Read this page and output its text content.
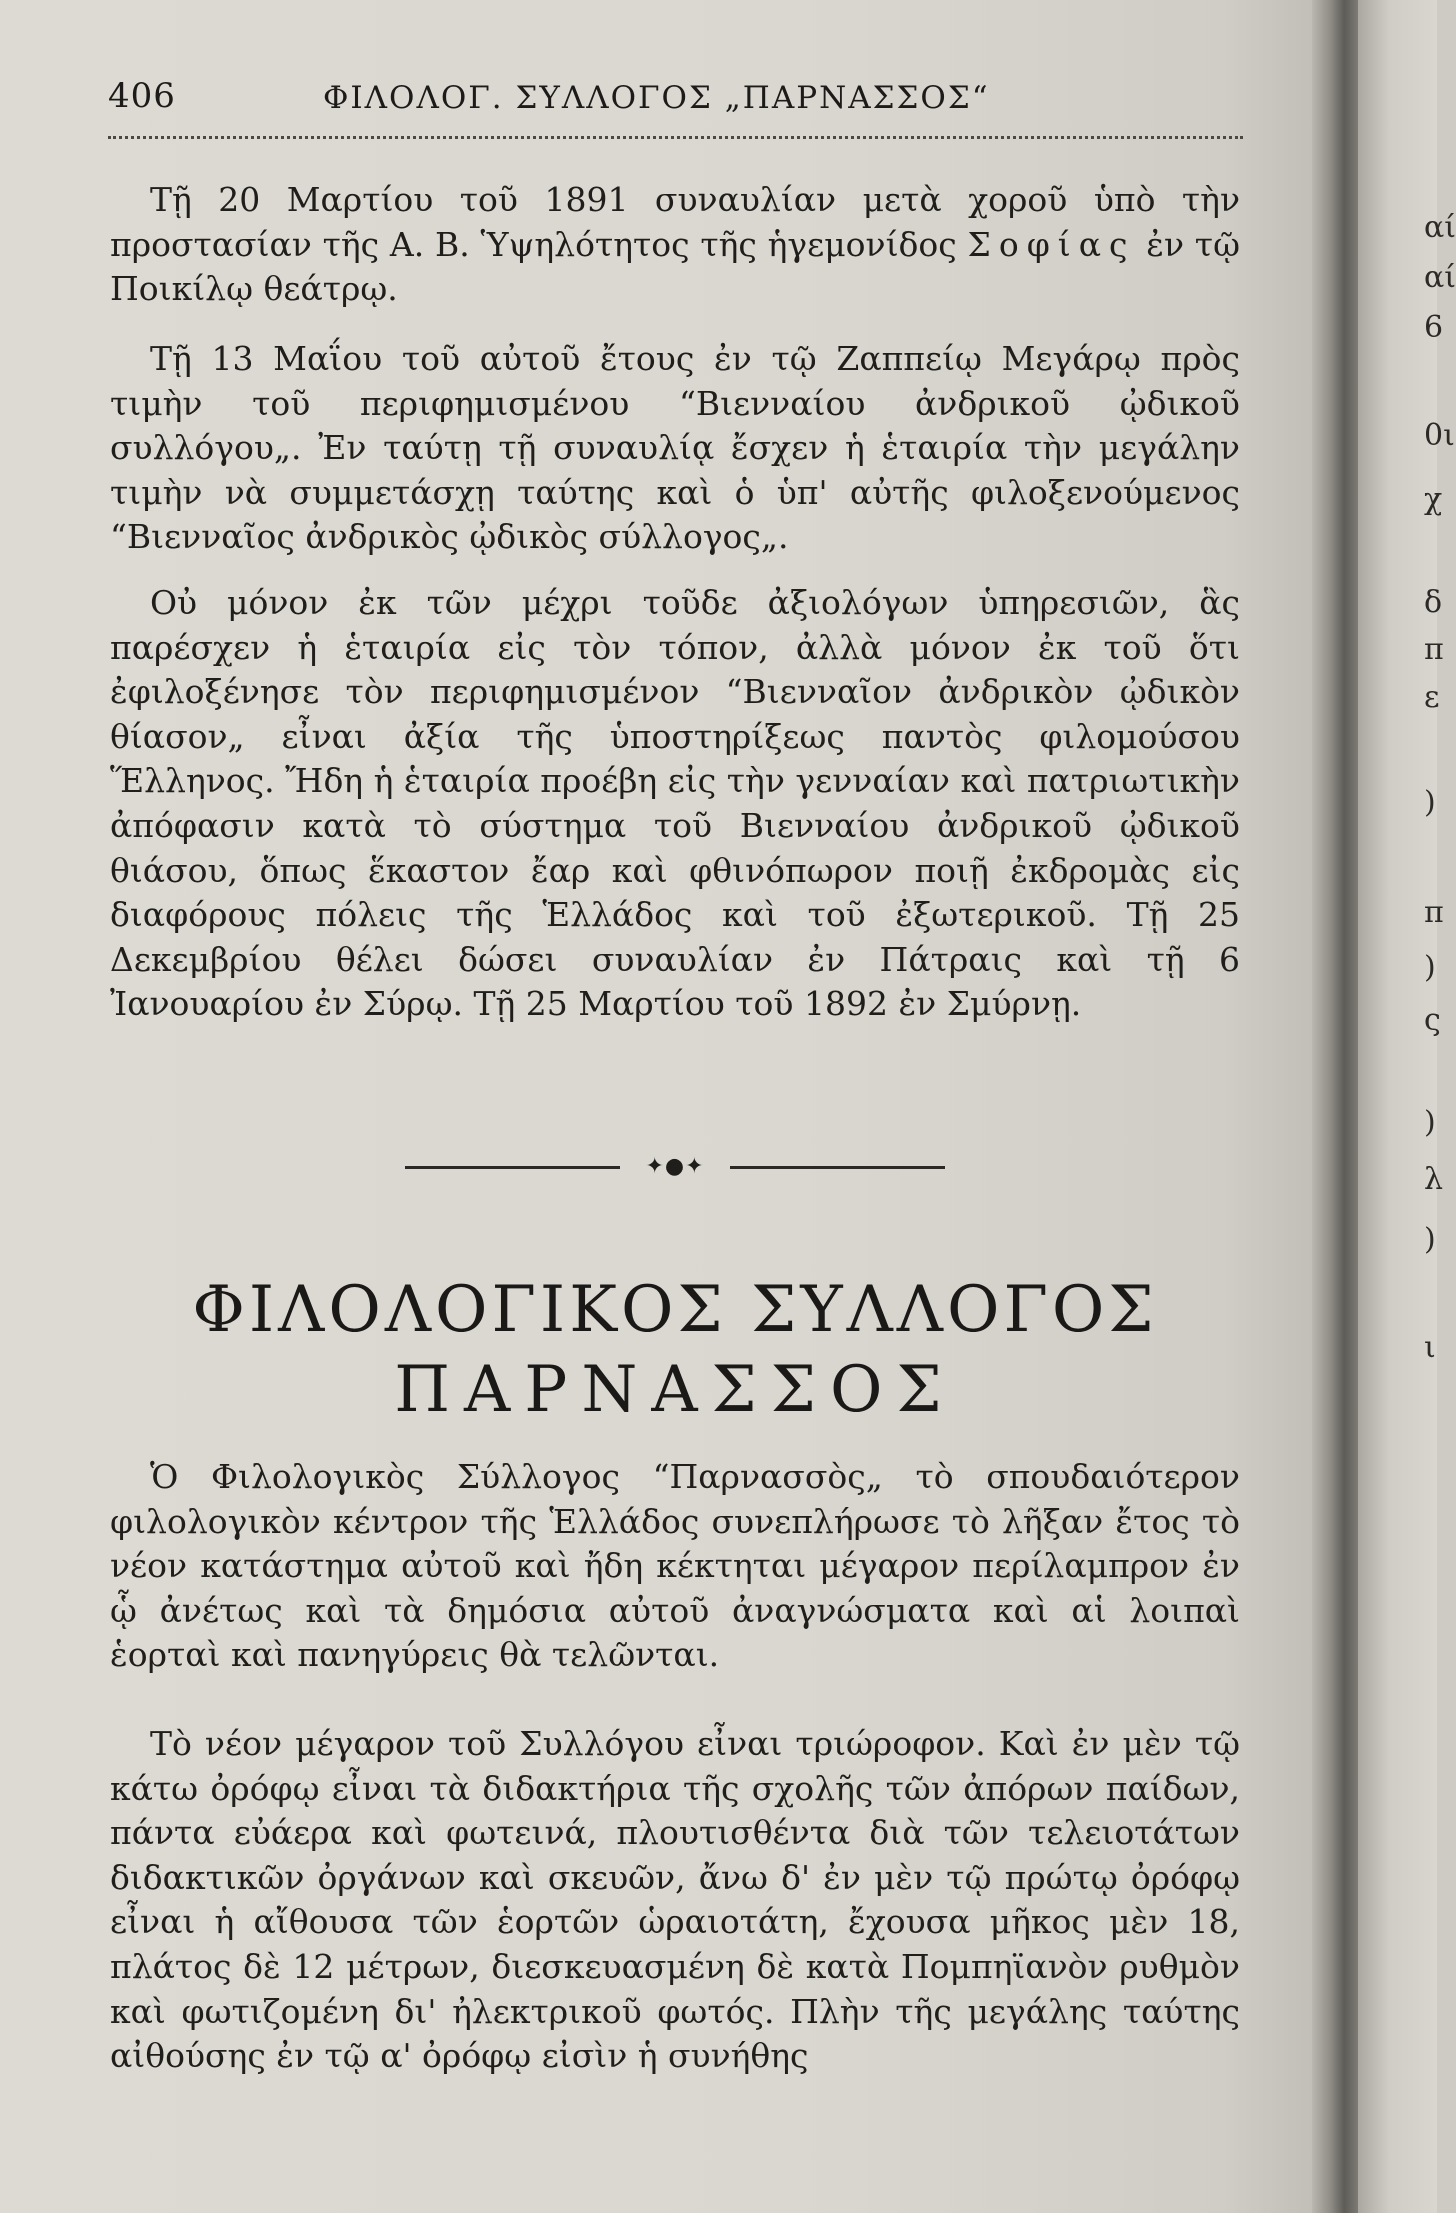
αί
αί
6
0ι
χ
δ
π
ε
)
π
)
ς
)
λ
)
ι
406	ΦΙΛΟΛΟΓ. ΣΥΛΛΟΓΟΣ „ΠΑΡΝΑΣΣΟΣ“

Τῇ 20 Μαρτίου τοῦ 1891 συναυλίαν μετὰ χοροῦ ὑπὸ τὴν προστασίαν τῆς Α. Β. Ὑψηλότητος τῆς ἡγεμονίδος Σοφίας ἐν τῷ Ποικίλῳ θεάτρῳ.

Τῇ 13 Μαΐου τοῦ αὐτοῦ ἔτους ἐν τῷ Ζαππείῳ Μεγάρῳ πρὸς τιμὴν τοῦ περιφημισμένου “Βιενναίου ἀνδρικοῦ ᾠδικοῦ συλλόγου„. Ἐν ταύτῃ τῇ συναυλίᾳ ἔσχεν ἡ ἑταιρία τὴν μεγάλην τιμὴν νὰ συμμετάσχῃ ταύτης καὶ ὁ ὑπ' αὐτῆς φιλοξενούμενος “Βιενναῖος ἀνδρικὸς ᾠδικὸς σύλλογος„.

Οὐ μόνον ἐκ τῶν μέχρι τοῦδε ἀξιολόγων ὑπηρεσιῶν, ἃς παρέσχεν ἡ ἑταιρία εἰς τὸν τόπον, ἀλλὰ μόνον ἐκ τοῦ ὅτι ἐφιλοξένησε τὸν περιφημισμένον “Βιενναῖον ἀνδρικὸν ᾠδικὸν θίασον„ εἶναι ἀξία τῆς ὑποστηρίξεως παντὸς φιλομούσου Ἕλληνος. Ἤδη ἡ ἑταιρία προέβη εἰς τὴν γενναίαν καὶ πατριωτικὴν ἀπόφασιν κατὰ τὸ σύστημα τοῦ Βιενναίου ἀνδρικοῦ ᾠδικοῦ θιάσου, ὅπως ἕκαστον ἔαρ καὶ φθινόπωρον ποιῇ ἐκδρομὰς εἰς διαφόρους πόλεις τῆς Ἑλλάδος καὶ τοῦ ἐξωτερικοῦ. Τῇ 25 Δεκεμβρίου θέλει δώσει συναυλίαν ἐν Πάτραις καὶ τῇ 6 Ἰανουαρίου ἐν Σύρῳ. Τῇ 25 Μαρτίου τοῦ 1892 ἐν Σμύρνῃ.

✦●✦
ΦΙΛΟΛΟΓΙΚΟΣ ΣΥΛΛΟΓΟΣ
ΠΑΡΝΑΣΣΟΣ

Ὁ Φιλολογικὸς Σύλλογος “Παρνασσὸς„ τὸ σπουδαιότερον φιλολογικὸν κέντρον τῆς Ἑλλάδος συνεπλήρωσε τὸ λῆξαν ἔτος τὸ νέον κατάστημα αὐτοῦ καὶ ἤδη κέκτηται μέγαρον περίλαμπρον ἐν ᾧ ἀνέτως καὶ τὰ δημόσια αὐτοῦ ἀναγνώσματα καὶ αἱ λοιπαὶ ἑορταὶ καὶ πανηγύρεις θὰ τελῶνται.

Τὸ νέον μέγαρον τοῦ Συλλόγου εἶναι τριώροφον. Καὶ ἐν μὲν τῷ κάτω ὀρόφῳ εἶναι τὰ διδακτήρια τῆς σχολῆς τῶν ἀπόρων παίδων, πάντα εὐάερα καὶ φωτεινά, πλουτισθέντα διὰ τῶν τελειοτάτων διδακτικῶν ὀργάνων καὶ σκευῶν, ἄνω δ' ἐν μὲν τῷ πρώτῳ ὀρόφῳ εἶναι ἡ αἴθουσα τῶν ἑορτῶν ὡραιοτάτη, ἔχουσα μῆκος μὲν 18, πλάτος δὲ 12 μέτρων, διεσκευασμένη δὲ κατὰ Πομπηϊανὸν ρυθμὸν καὶ φωτιζομένη δι' ἠλεκτρικοῦ φωτός. Πλὴν τῆς μεγάλης ταύτης αἰθούσης ἐν τῷ α' ὀρόφῳ εἰσὶν ἡ συνήθης
